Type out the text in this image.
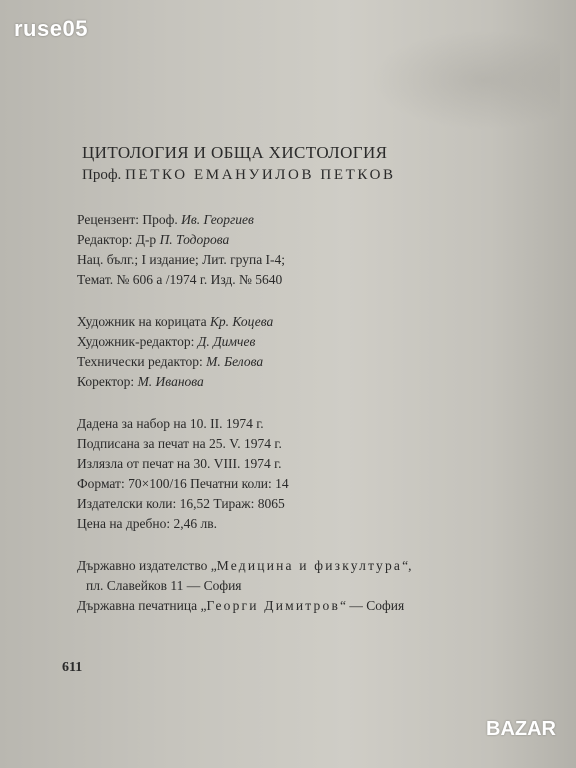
ruse05
ЦИТОЛОГИЯ И ОБЩА ХИСТОЛОГИЯ
Проф. ПЕТКО ЕМАНУИЛОВ ПЕТКОВ
Рецензент: Проф. Ив. Георгиев
Редактор: Д-р П. Тодорова
Нац. бълг.; I издание; Лит. група I-4;
Темат. № 606 а /1974 г. Изд. № 5640
Художник на корицата Кр. Коцева
Художник-редактор: Д. Димчев
Технически редактор: М. Белова
Коректор: М. Иванова
Дадена за набор на 10. II. 1974 г.
Подписана за печат на 25. V. 1974 г.
Излязла от печат на 30. VIII. 1974 г.
Формат: 70×100/16 Печатни коли: 14
Издателски коли: 16,52 Тираж: 8065
Цена на дребно: 2,46 лв.
Държавно издателство „Медицина и физкултура“,
пл. Славейков 11 — София
Държавна печатница „Георги Димитров“ — София
611
BAZAR
